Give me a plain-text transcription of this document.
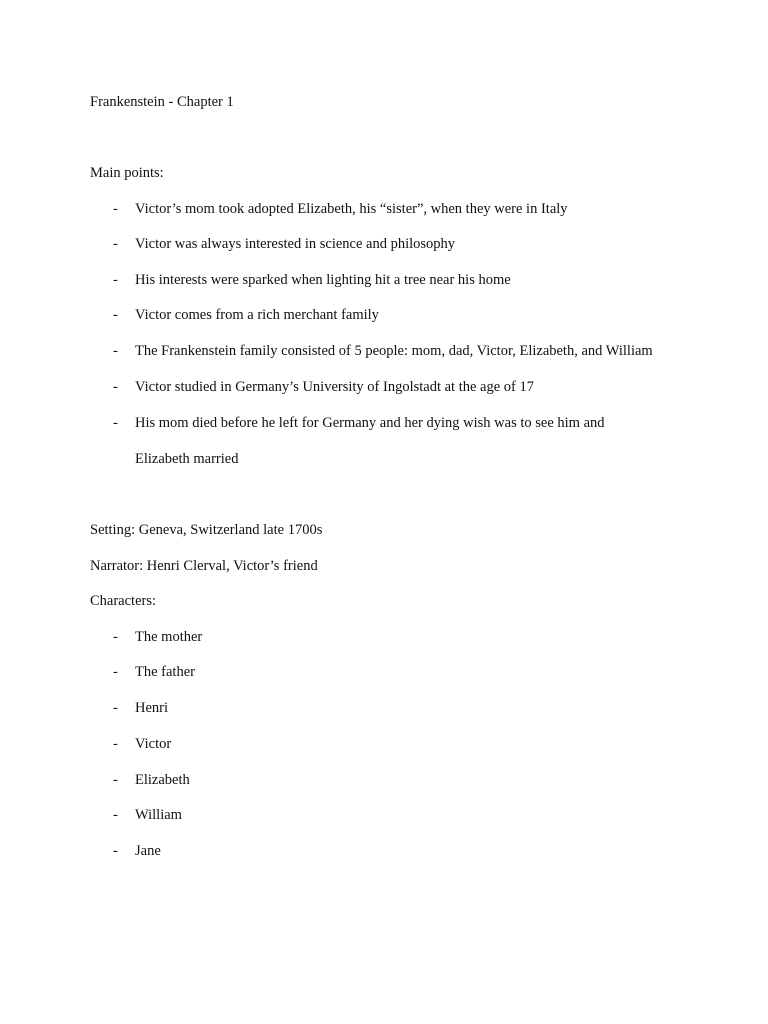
Frankenstein - Chapter 1
Main points:
- Victor’s mom took adopted Elizabeth, his “sister”, when they were in Italy
- Victor was always interested in science and philosophy
- His interests were sparked when lighting hit a tree near his home
- Victor comes from a rich merchant family
- The Frankenstein family consisted of 5 people: mom, dad, Victor, Elizabeth, and William
- Victor studied in Germany’s University of Ingolstadt at the age of 17
- His mom died before he left for Germany and her dying wish was to see him and
Elizabeth married
Setting: Geneva, Switzerland late 1700s
Narrator: Henri Clerval, Victor’s friend
Characters:
- The mother
- The father
- Henri
- Victor
- Elizabeth
- William
- Jane
